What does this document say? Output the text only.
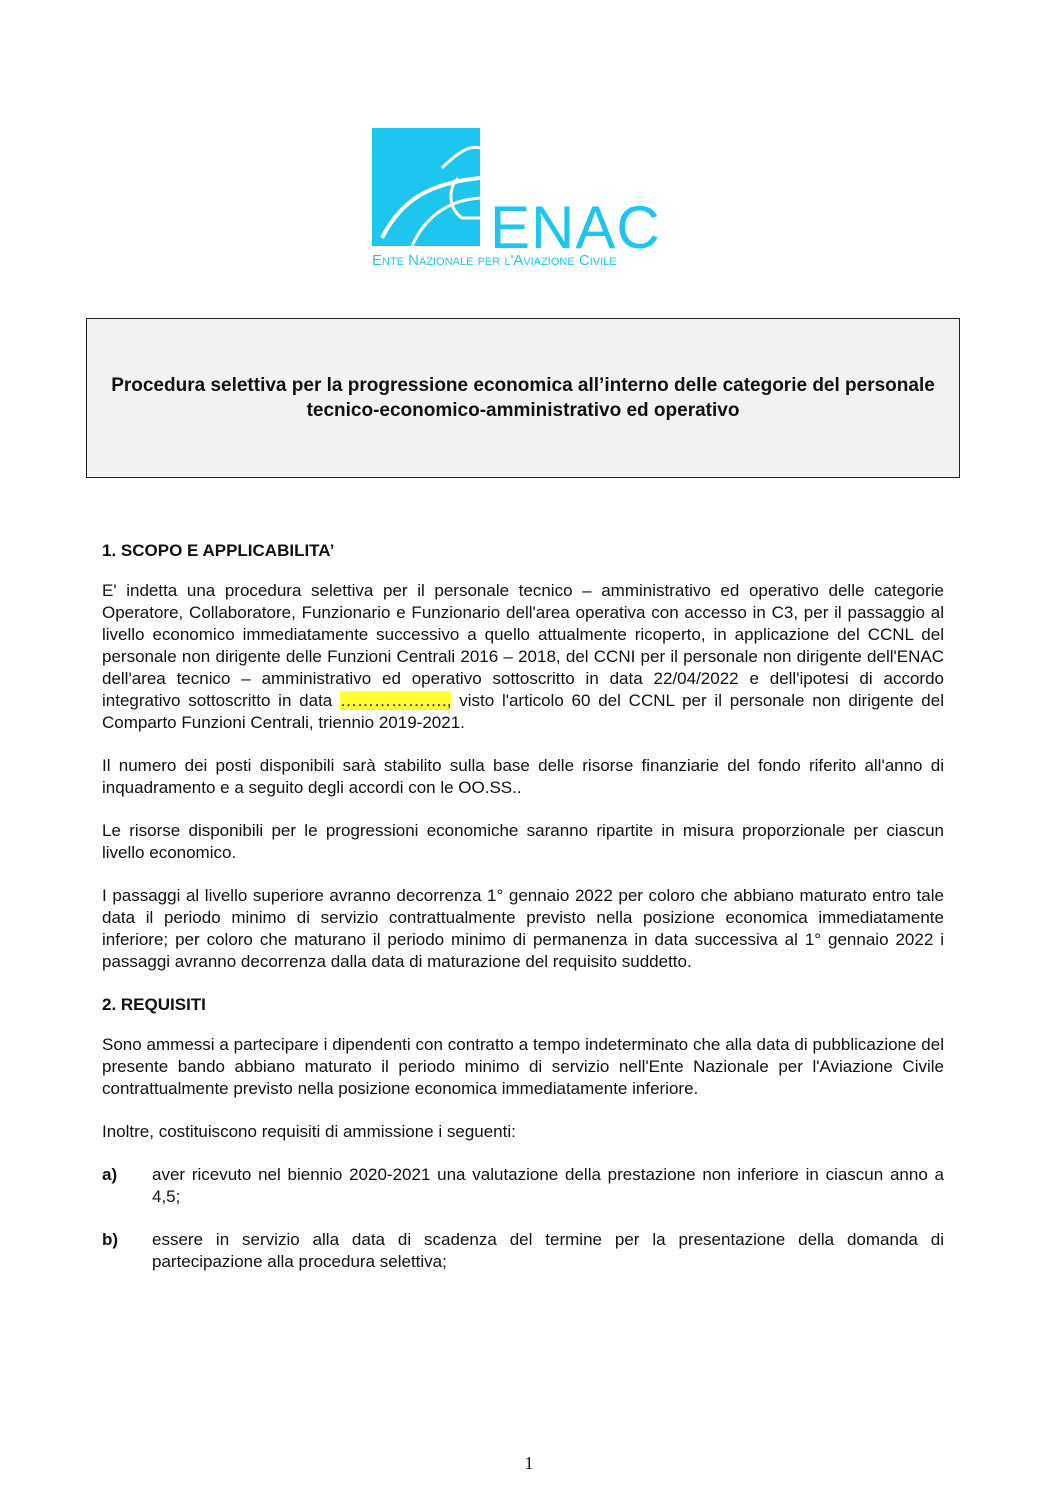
ENAC
Ente Nazionale per l'Aviazione Civile
Procedura selettiva per la progressione economica all’interno delle categorie del personale tecnico-economico-amministrativo ed operativo
1. SCOPO E APPLICABILITA’

E' indetta una procedura selettiva per il personale tecnico – amministrativo ed operativo delle categorie Operatore, Collaboratore, Funzionario e Funzionario dell'area operativa con accesso in C3, per il passaggio al livello economico immediatamente successivo a quello attualmente ricoperto, in applicazione del CCNL del personale non dirigente delle Funzioni Centrali 2016 – 2018, del CCNI per il personale non dirigente dell'ENAC dell'area tecnico – amministrativo ed operativo sottoscritto in data 22/04/2022 e dell'ipotesi di accordo integrativo sottoscritto in data ………………., visto l'articolo 60 del CCNL per il personale non dirigente del Comparto Funzioni Centrali, triennio 2019-2021.

Il numero dei posti disponibili sarà stabilito sulla base delle risorse finanziarie del fondo riferito all'anno di inquadramento e a seguito degli accordi con le OO.SS..

Le risorse disponibili per le progressioni economiche saranno ripartite in misura proporzionale per ciascun livello economico.

I passaggi al livello superiore avranno decorrenza 1° gennaio 2022 per coloro che abbiano maturato entro tale data il periodo minimo di servizio contrattualmente previsto nella posizione economica immediatamente inferiore; per coloro che maturano il periodo minimo di permanenza in data successiva al 1° gennaio 2022 i passaggi avranno decorrenza dalla data di maturazione del requisito suddetto.

2. REQUISITI

Sono ammessi a partecipare i dipendenti con contratto a tempo indeterminato che alla data di pubblicazione del presente bando abbiano maturato il periodo minimo di servizio nell'Ente Nazionale per l'Aviazione Civile contrattualmente previsto nella posizione economica immediatamente inferiore.

Inoltre, costituiscono requisiti di ammissione i seguenti:

a)	aver ricevuto nel biennio 2020-2021 una valutazione della prestazione non inferiore in ciascun anno a 4,5;
b)	essere in servizio alla data di scadenza del termine per la presentazione della domanda di partecipazione alla procedura selettiva;
1
